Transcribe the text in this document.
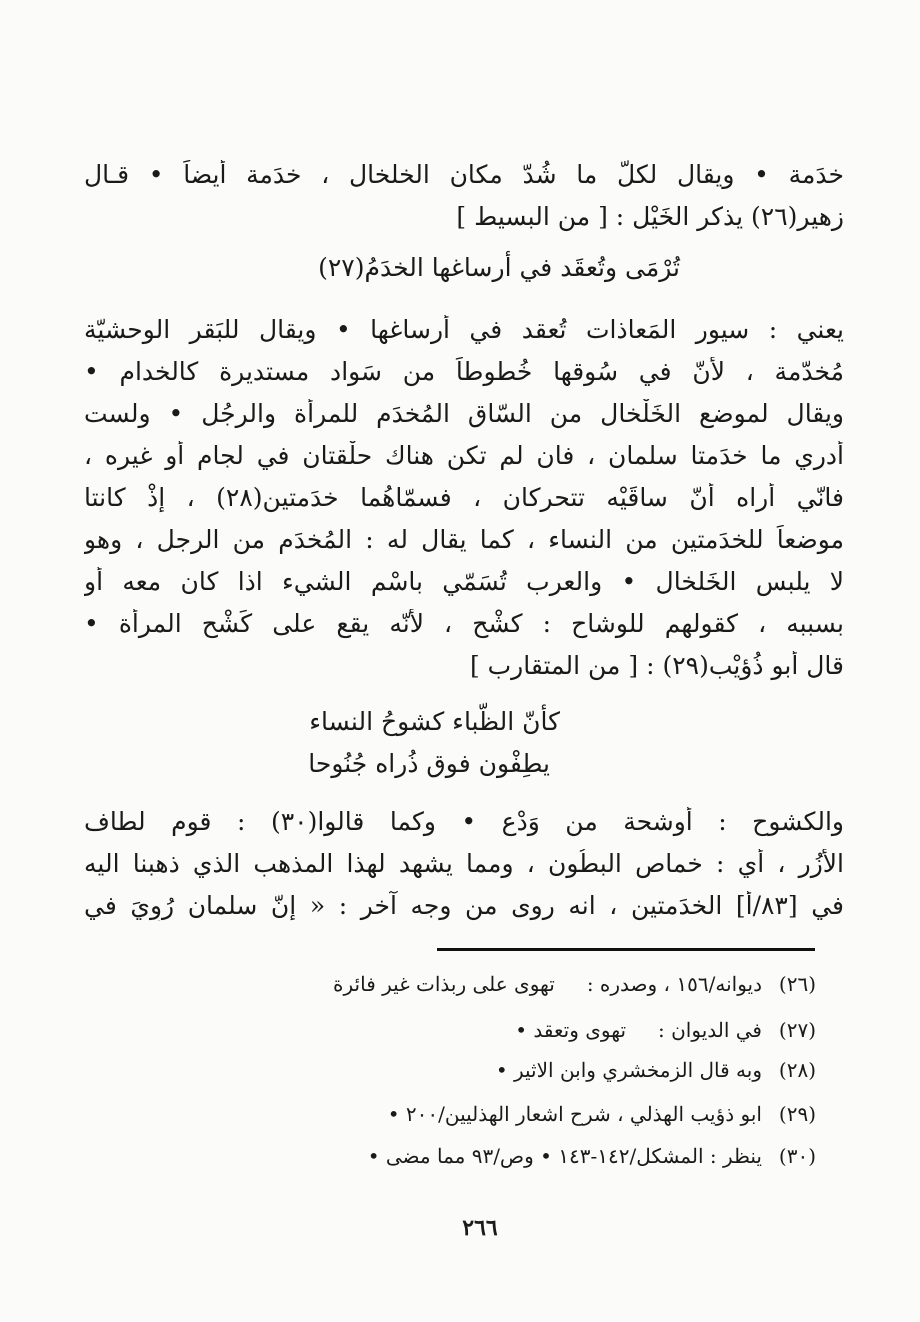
خدَمة • ويقال لكلّ ما شُدّ مكان الخلخال ، خدَمة أيضاً • قـال
زهير(٢٦) يذكر الخَيْل : [ من البسيط ]
تُرْمَى وتُعقَد في أرساغها الخدَمُ(٢٧)
يعني : سيور المَعاذات تُعقد في أرساغها • ويقال للبَقر الوحشيّة
مُخدّمة ، لأنّ في سُوقها خُطوطاً من سَواد مستديرة كالخدام •
ويقال لموضع الخَلْخال من السّاق المُخدَم للمرأة والرجُل • ولست
أدري ما خدَمتا سلمان ، فان لم تكن هناك حلْقتان في لجام أو غيره ،
فانّي أراه أنّ ساقَيْه تتحركان ، فسمّاهُما خدَمتين(٢٨) ، إذْ كانتا
موضعاً للخدَمتين من النساء ، كما يقال له : المُخدَم من الرجل ، وهو
لا يلبس الخَلخال • والعرب تُسَمّي باسْم الشيء اذا كان معه أو
بسببه ، كقولهم للوشاح : كشْح ، لأنّه يقع على كَشْح المرأة •
قال أبو ذُؤيْب(٢٩) : [ من المتقارب ]
كأنّ الظّباء كشوحُ النساء
يطِفْون فوق ذُراه جُنُوحا
والكشوح : أوشحة من وَدْعٍ • وكما قالوا(٣٠) : قوم لطاف
الأُزُر ، أي : خماص البطُون ، ومما يشهد لهذا المذهب الذي ذهبنا اليه
في [٨٣/أ] الخدَمتين ، انه روى من وجه آخر : « إنّ سلمان رُوِيَ في
(٢٦)
ديوانه/١٥٦ ، وصدره :
تهوى على ربذات غير فائرة
(٢٧)
في الديوان :
تهوى وتعقد •
(٢٨)
وبه قال الزمخشري وابن الاثير •
(٢٩)
ابو ذؤيب الهذلي ، شرح اشعار الهذليين/٢٠٠ •
(٣٠)
ينظر : المشكل/١٤٢-١٤٣ • وص/٩٣ مما مضى •
٢٦٦
